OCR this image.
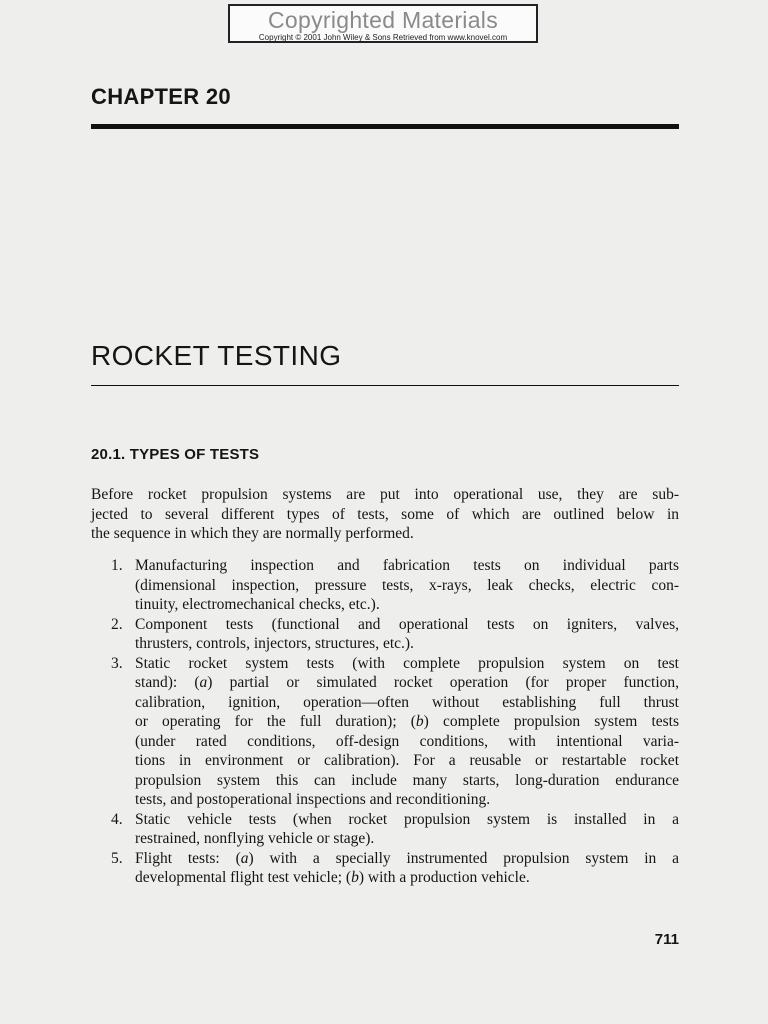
Copyrighted Materials
Copyright © 2001 John Wiley & Sons Retrieved from www.knovel.com
CHAPTER 20
ROCKET TESTING
20.1. TYPES OF TESTS
Before rocket propulsion systems are put into operational use, they are sub-
jected to several different types of tests, some of which are outlined below in
the sequence in which they are normally performed.
1. Manufacturing inspection and fabrication tests on individual parts
(dimensional inspection, pressure tests, x-rays, leak checks, electric con-
tinuity, electromechanical checks, etc.).
2. Component tests (functional and operational tests on igniters, valves,
thrusters, controls, injectors, structures, etc.).
3. Static rocket system tests (with complete propulsion system on test
stand): (a) partial or simulated rocket operation (for proper function,
calibration, ignition, operation—often without establishing full thrust
or operating for the full duration); (b) complete propulsion system tests
(under rated conditions, off-design conditions, with intentional varia-
tions in environment or calibration). For a reusable or restartable rocket
propulsion system this can include many starts, long-duration endurance
tests, and postoperational inspections and reconditioning.
4. Static vehicle tests (when rocket propulsion system is installed in a
restrained, nonflying vehicle or stage).
5. Flight tests: (a) with a specially instrumented propulsion system in a
developmental flight test vehicle; (b) with a production vehicle.
711
